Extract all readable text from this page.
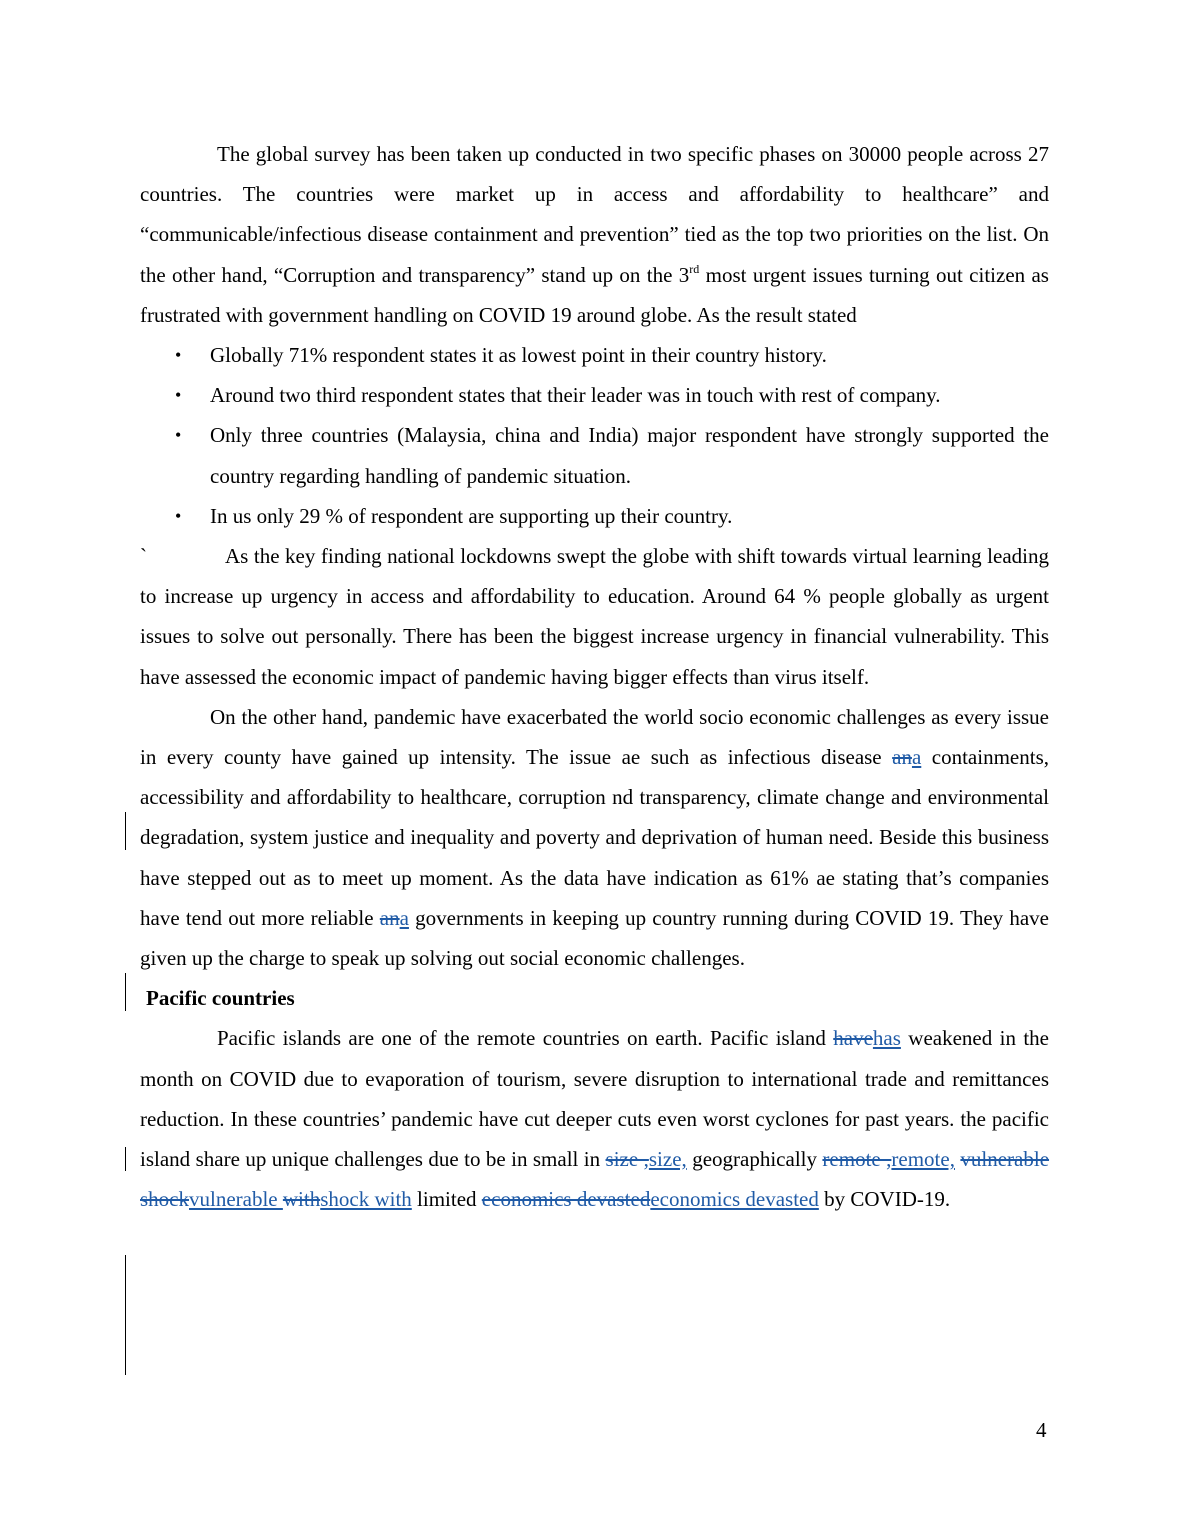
The global survey has been taken up conducted in two specific phases on 30000 people across 27 countries. The countries were market up in access and affordability to healthcare” and “communicable/infectious disease containment and prevention” tied as the top two priorities on the list. On the other hand, “Corruption and transparency” stand up on the 3rd most urgent issues turning out citizen as frustrated with government handling on COVID 19 around globe. As the result stated

• Globally 71% respondent states it as lowest point in their country history.
• Around two third respondent states that their leader was in touch with rest of company.
• Only three countries (Malaysia, china and India) major respondent have strongly supported the country regarding handling of pandemic situation.
• In us only 29 % of respondent are supporting up their country.

`	As the key finding national lockdowns swept the globe with shift towards virtual learning leading to increase up urgency in access and affordability to education. Around 64 % people globally as urgent issues to solve out personally. There has been the biggest increase urgency in financial vulnerability. This have assessed the economic impact of pandemic having bigger effects than virus itself.

On the other hand, pandemic have exacerbated the world socio economic challenges as every issue in every county have gained up intensity. The issue ae such as infectious disease ana containments, accessibility and affordability to healthcare, corruption nd transparency, climate change and environmental degradation, system justice and inequality and poverty and deprivation of human need. Beside this business have stepped out as to meet up moment. As the data have indication as 61% ae stating that’s companies have tend out more reliable ana governments in keeping up country running during COVID 19. They have given up the charge to speak up solving out social economic challenges.

Pacific countries

Pacific islands are one of the remote countries on earth. Pacific island havehas weakened in the month on COVID due to evaporation of tourism, severe disruption to international trade and remittances reduction. In these countries’ pandemic have cut deeper cuts even worst cyclones for past years. the pacific island share up unique challenges due to be in small in size ,size, geographically remote ,remote, vulnerable shockvulnerable withshock with limited economics devastedeconomics devasted by COVID-19.

4
